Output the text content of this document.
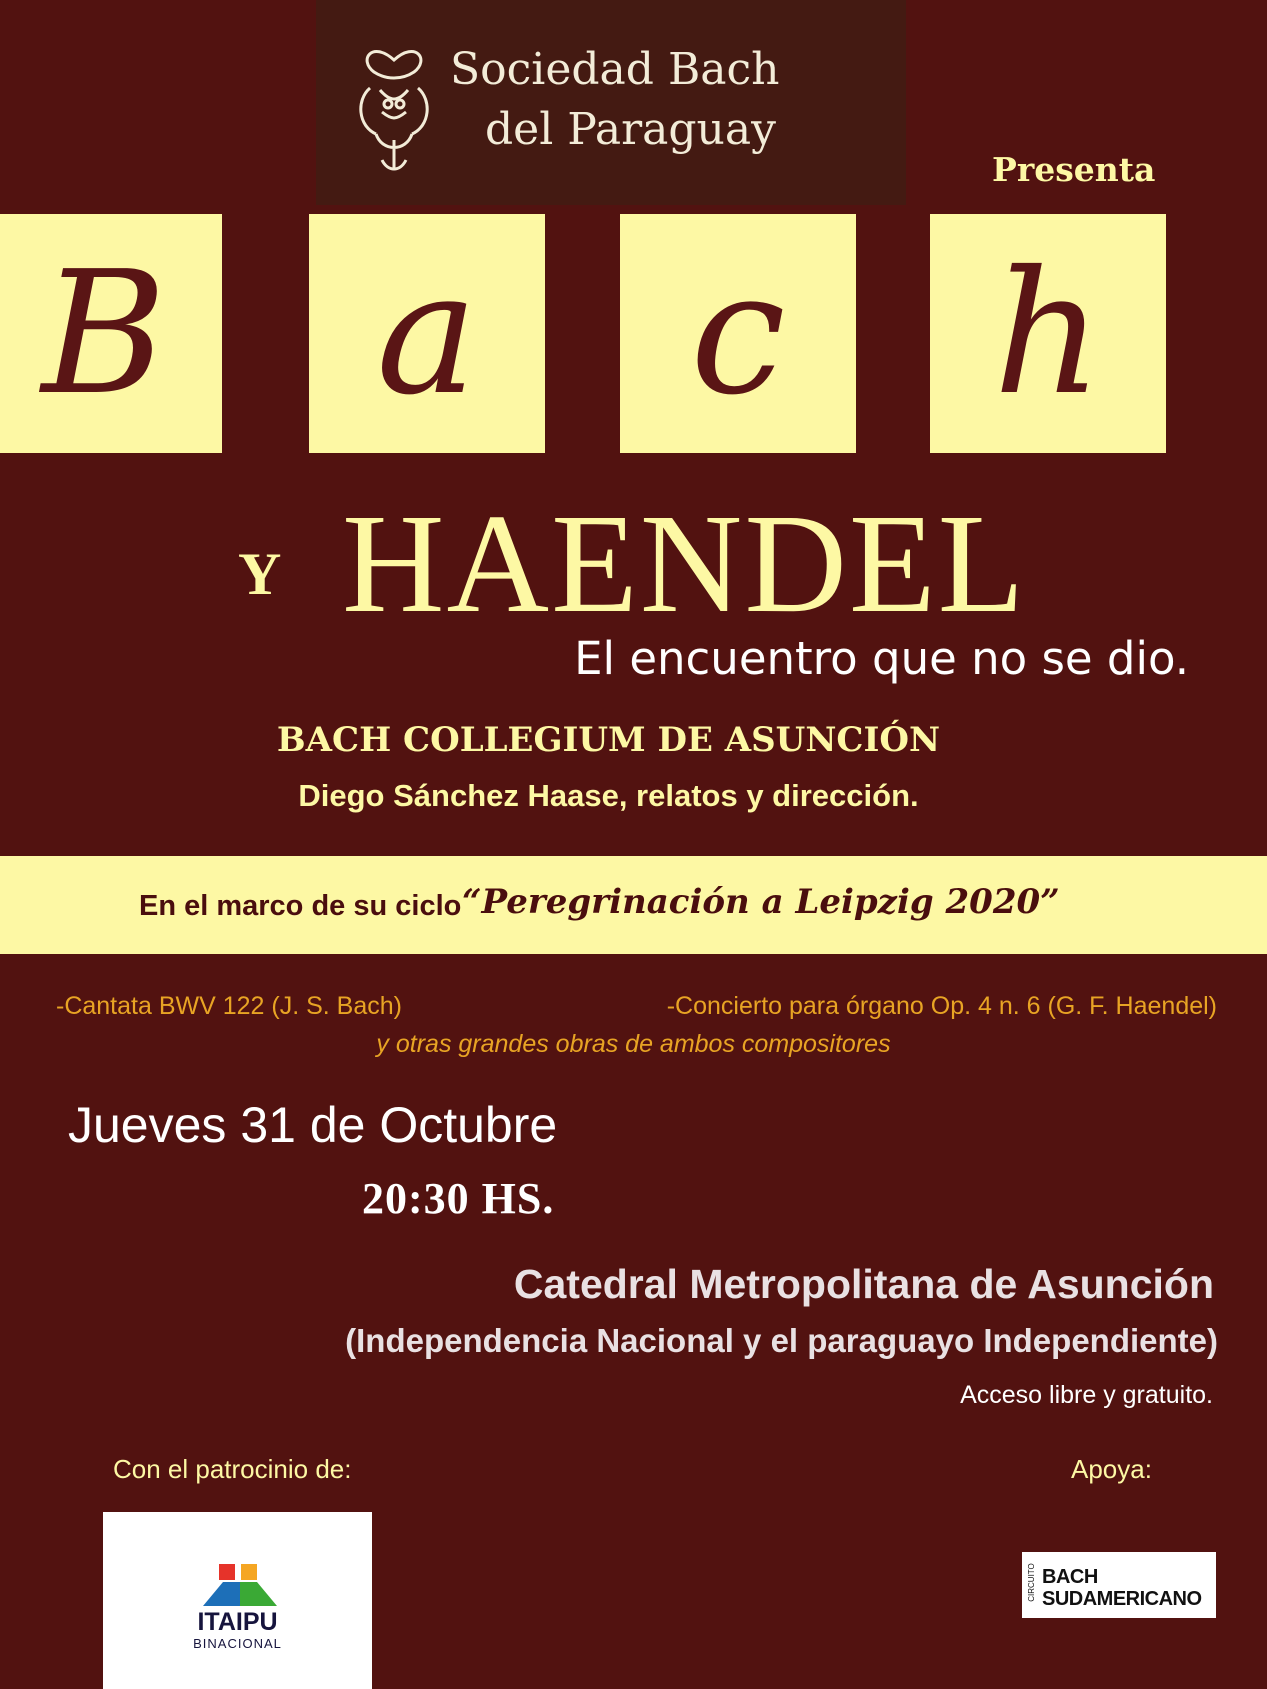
Sociedad Bach
del Paraguay
Presenta
B a c h
Y HAENDEL
El encuentro que no se dio.
BACH COLLEGIUM DE ASUNCIÓN
Diego Sánchez Haase, relatos y dirección.
En el marco de su ciclo “Peregrinación a Leipzig 2020”
-Cantata BWV 122 (J. S. Bach)	-Concierto para órgano Op. 4 n. 6 (G. F. Haendel)
y otras grandes obras de ambos compositores
Jueves 31 de Octubre
20:30 HS.
Catedral Metropolitana de Asunción
(Independencia Nacional y el paraguayo Independiente)
Acceso libre y gratuito.
Con el patrocinio de:	Apoya:
ITAIPU
BINACIONAL
CIRCUITO BACH
SUDAMERICANO
